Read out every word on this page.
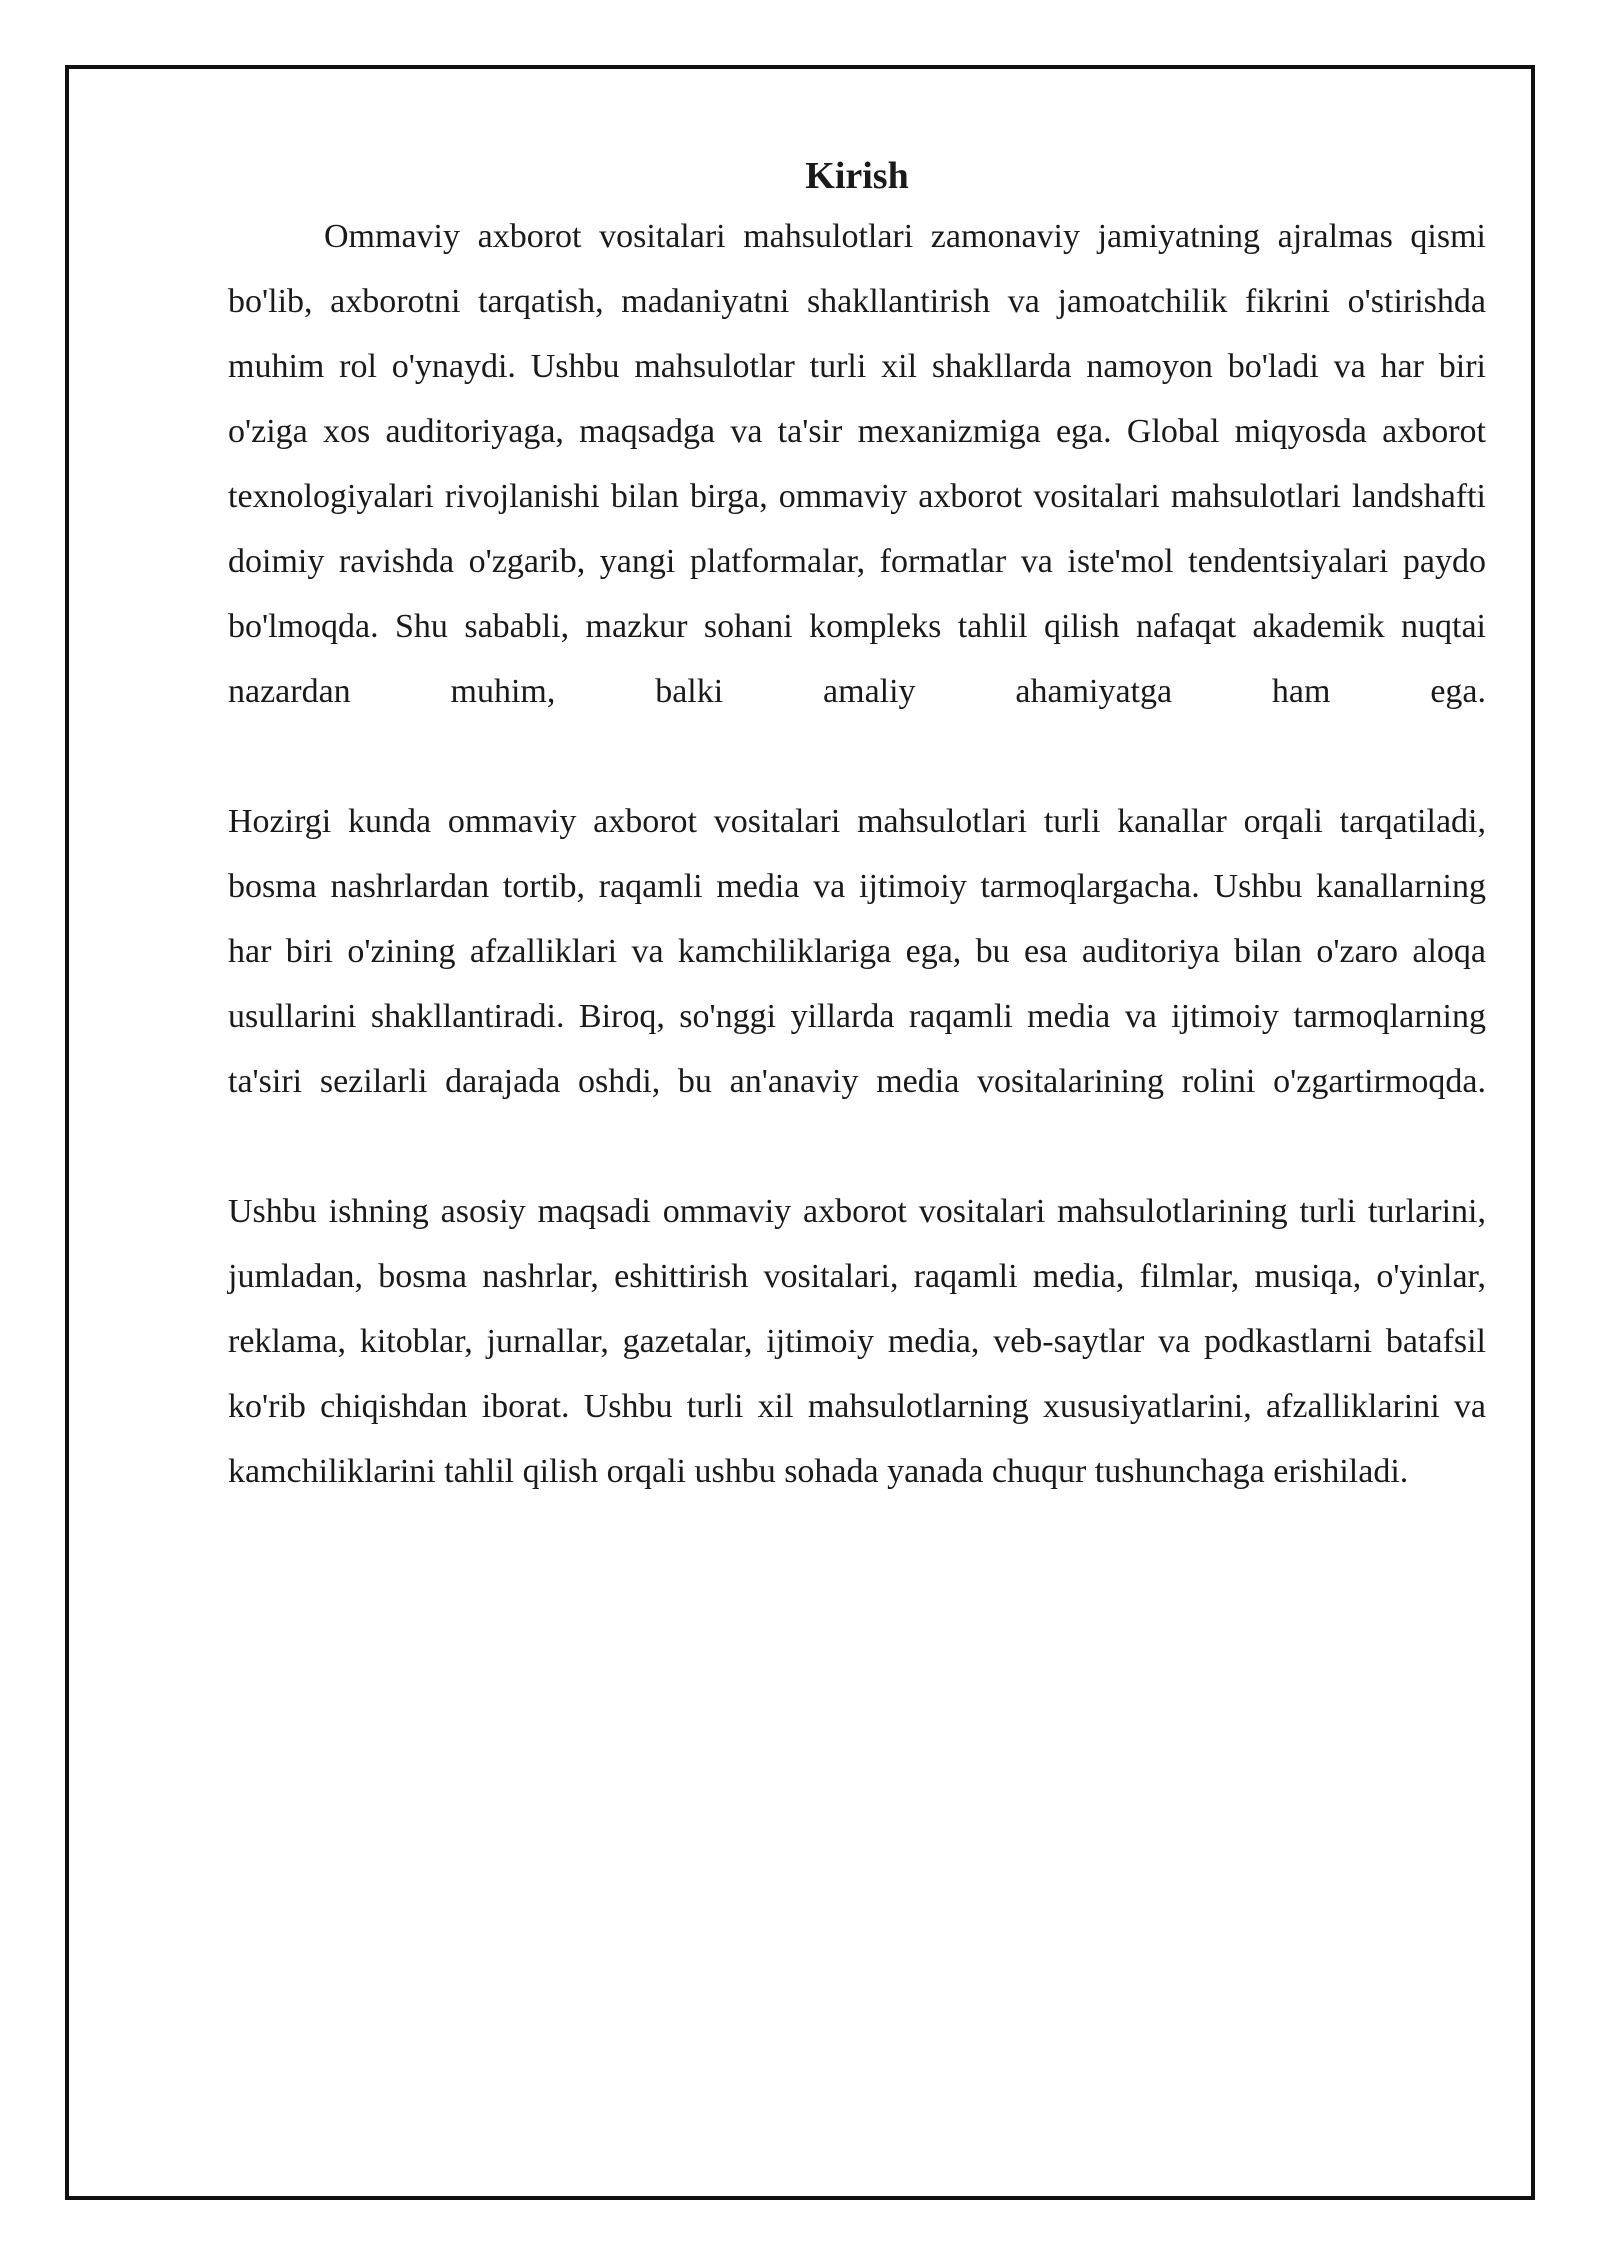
Kirish

Ommaviy axborot vositalari mahsulotlari zamonaviy jamiyatning ajralmas qismi bo'lib, axborotni tarqatish, madaniyatni shakllantirish va jamoatchilik fikrini o'stirishda muhim rol o'ynaydi. Ushbu mahsulotlar turli xil shakllarda namoyon bo'ladi va har biri o'ziga xos auditoriyaga, maqsadga va ta'sir mexanizmiga ega. Global miqyosda axborot texnologiyalari rivojlanishi bilan birga, ommaviy axborot vositalari mahsulotlari landshafti doimiy ravishda o'zgarib, yangi platformalar, formatlar va iste'mol tendentsiyalari paydo bo'lmoqda. Shu sababli, mazkur sohani kompleks tahlil qilish nafaqat akademik nuqtai nazardan muhim, balki amaliy ahamiyatga ham ega.

Hozirgi kunda ommaviy axborot vositalari mahsulotlari turli kanallar orqali tarqatiladi, bosma nashrlardan tortib, raqamli media va ijtimoiy tarmoqlargacha. Ushbu kanallarning har biri o'zining afzalliklari va kamchiliklariga ega, bu esa auditoriya bilan o'zaro aloqa usullarini shakllantiradi. Biroq, so'nggi yillarda raqamli media va ijtimoiy tarmoqlarning ta'siri sezilarli darajada oshdi, bu an'anaviy media vositalarining rolini o'zgartirmoqda.

Ushbu ishning asosiy maqsadi ommaviy axborot vositalari mahsulotlarining turli turlarini, jumladan, bosma nashrlar, eshittirish vositalari, raqamli media, filmlar, musiqa, o'yinlar, reklama, kitoblar, jurnallar, gazetalar, ijtimoiy media, veb-saytlar va podkastlarni batafsil ko'rib chiqishdan iborat. Ushbu turli xil mahsulotlarning xususiyatlarini, afzalliklarini va kamchiliklarini tahlil qilish orqali ushbu sohada yanada chuqur tushunchaga erishiladi.
